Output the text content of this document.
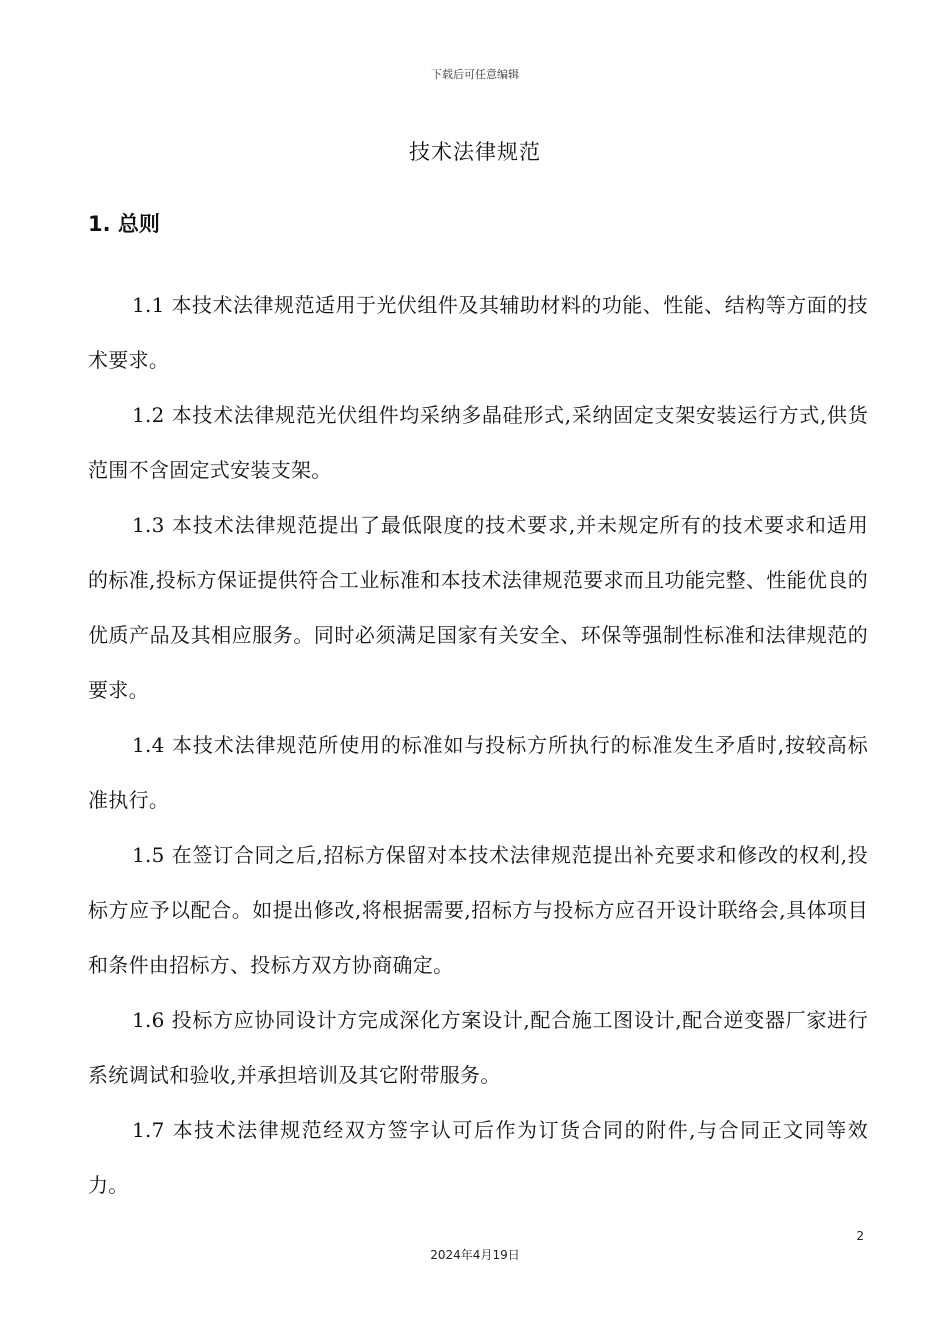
下载后可任意编辑
技术法律规范
1. 总则

1.1 本技术法律规范适用于光伏组件及其辅助材料的功能、性能、结构等方面的技术要求。

1.2 本技术法律规范光伏组件均采纳多晶硅形式,采纳固定支架安装运行方式,供货范围不含固定式安装支架。

1.3 本技术法律规范提出了最低限度的技术要求,并未规定所有的技术要求和适用的标准,投标方保证提供符合工业标准和本技术法律规范要求而且功能完整、性能优良的优质产品及其相应服务。同时必须满足国家有关安全、环保等强制性标准和法律规范的要求。

1.4 本技术法律规范所使用的标准如与投标方所执行的标准发生矛盾时,按较高标准执行。

1.5 在签订合同之后,招标方保留对本技术法律规范提出补充要求和修改的权利,投标方应予以配合。如提出修改,将根据需要,招标方与投标方应召开设计联络会,具体项目和条件由招标方、投标方双方协商确定。

1.6 投标方应协同设计方完成深化方案设计,配合施工图设计,配合逆变器厂家进行系统调试和验收,并承担培训及其它附带服务。

1.7 本技术法律规范经双方签字认可后作为订货合同的附件,与合同正文同等效力。

2
2024年4月19日
